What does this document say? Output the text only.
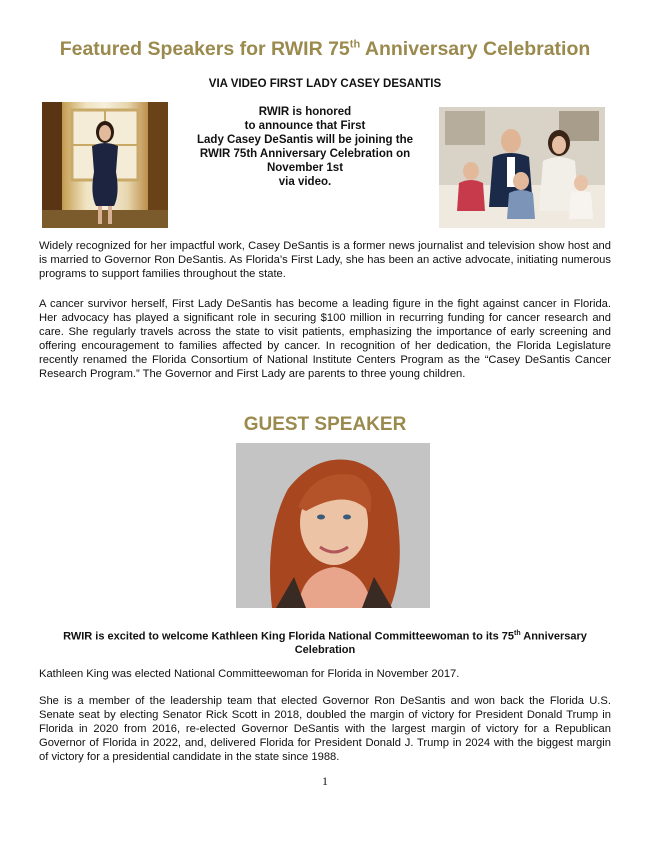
Featured Speakers for RWIR 75th Anniversary Celebration

VIA VIDEO FIRST LADY CASEY DESANTIS

RWIR is honored
to announce that First
Lady Casey DeSantis will be joining the
RWIR 75th Anniversary Celebration on
November 1st
via video.

Widely recognized for her impactful work, Casey DeSantis is a former news journalist and television show host and is married to Governor Ron DeSantis. As Florida’s First Lady, she has been an active advocate, initiating numerous programs to support families throughout the state.

A cancer survivor herself, First Lady DeSantis has become a leading figure in the fight against cancer in Florida. Her advocacy has played a significant role in securing $100 million in recurring funding for cancer research and care. She regularly travels across the state to visit patients, emphasizing the importance of early screening and offering encouragement to families affected by cancer. In recognition of her dedication, the Florida Legislature recently renamed the Florida Consortium of National Institute Centers Program as the “Casey DeSantis Cancer Research Program.” The Governor and First Lady are parents to three young children.

GUEST SPEAKER

RWIR is excited to welcome Kathleen King Florida National Committeewoman to its 75th Anniversary Celebration

Kathleen King was elected National Committeewoman for Florida in November 2017.

She is a member of the leadership team that elected Governor Ron DeSantis and won back the Florida U.S. Senate seat by electing Senator Rick Scott in 2018, doubled the margin of victory for President Donald Trump in Florida in 2020 from 2016, re-elected Governor DeSantis with the largest margin of victory for a Republican Governor of Florida in 2022, and, delivered Florida for President Donald J. Trump in 2024 with the biggest margin of victory for a presidential candidate in the state since 1988.

1
